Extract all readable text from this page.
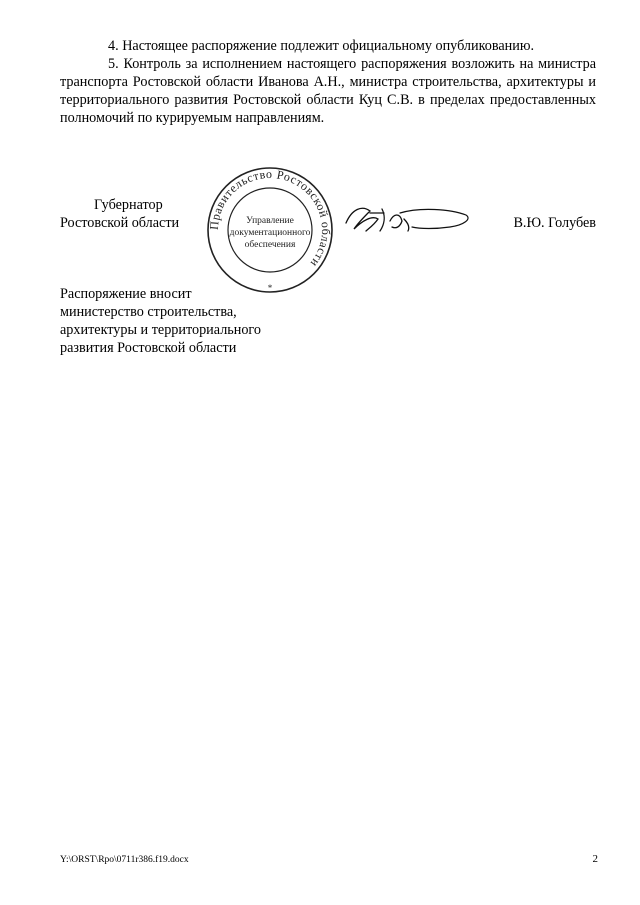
4. Настоящее распоряжение подлежит официальному опубликованию.
5. Контроль за исполнением настоящего распоряжения возложить на министра транспорта Ростовской области Иванова А.Н., министра строительства, архитектуры и территориального развития Ростовской области Куц С.В. в пределах предоставленных полномочий по курируемым направлениям.
Губернатор
Ростовской области Правительство Ростовской области
Управление
документационного
обеспечения
*
В.Ю. Голубев
Распоряжение вносит
министерство строительства,
архитектуры и территориального
развития Ростовской области
Y:\ORST\Rpo\0711r386.f19.docx	2
